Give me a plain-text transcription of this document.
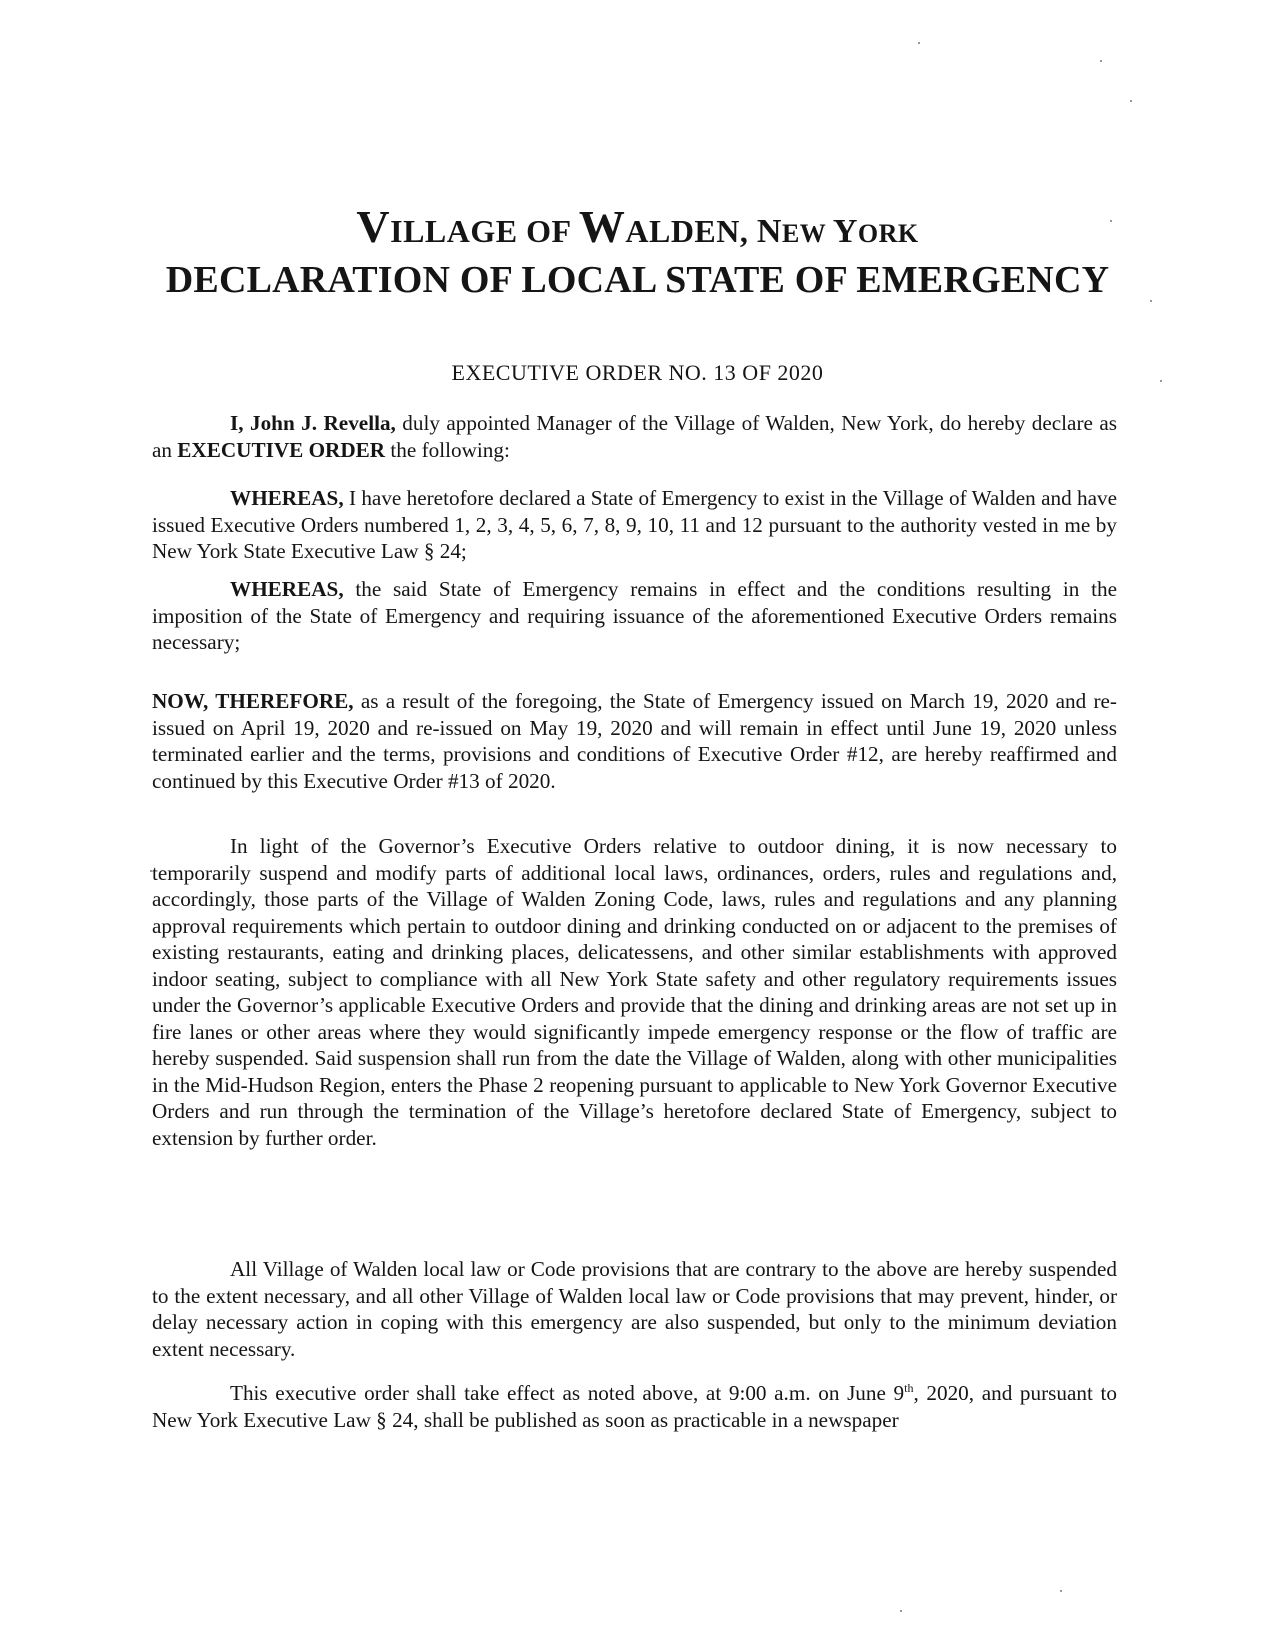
VILLAGE OF WALDEN, NEW YORK
DECLARATION OF LOCAL STATE OF EMERGENCY
EXECUTIVE ORDER NO. 13 OF 2020

I, John J. Revella, duly appointed Manager of the Village of Walden, New York, do hereby declare as an EXECUTIVE ORDER the following:

WHEREAS, I have heretofore declared a State of Emergency to exist in the Village of Walden and have issued Executive Orders numbered 1, 2, 3, 4, 5, 6, 7, 8, 9, 10, 11 and 12 pursuant to the authority vested in me by New York State Executive Law § 24;

WHEREAS, the said State of Emergency remains in effect and the conditions resulting in the imposition of the State of Emergency and requiring issuance of the aforementioned Executive Orders remains necessary;

NOW, THEREFORE, as a result of the foregoing, the State of Emergency issued on March 19, 2020 and re-issued on April 19, 2020 and re-issued on May 19, 2020 and will remain in effect until June 19, 2020 unless terminated earlier and the terms, provisions and conditions of Executive Order #12, are hereby reaffirmed and continued by this Executive Order #13 of 2020.

In light of the Governor’s Executive Orders relative to outdoor dining, it is now necessary to temporarily suspend and modify parts of additional local laws, ordinances, orders, rules and regulations and, accordingly, those parts of the Village of Walden Zoning Code, laws, rules and regulations and any planning approval requirements which pertain to outdoor dining and drinking conducted on or adjacent to the premises of existing restaurants, eating and drinking places, delicatessens, and other similar establishments with approved indoor seating, subject to compliance with all New York State safety and other regulatory requirements issues under the Governor’s applicable Executive Orders and provide that the dining and drinking areas are not set up in fire lanes or other areas where they would significantly impede emergency response or the flow of traffic are hereby suspended. Said suspension shall run from the date the Village of Walden, along with other municipalities in the Mid-Hudson Region, enters the Phase 2 reopening pursuant to applicable to New York Governor Executive Orders and run through the termination of the Village’s heretofore declared State of Emergency, subject to extension by further order.

All Village of Walden local law or Code provisions that are contrary to the above are hereby suspended to the extent necessary, and all other Village of Walden local law or Code provisions that may prevent, hinder, or delay necessary action in coping with this emergency are also suspended, but only to the minimum deviation extent necessary.

This executive order shall take effect as noted above, at 9:00 a.m. on June 9th, 2020, and pursuant to New York Executive Law § 24, shall be published as soon as practicable in a newspaper
